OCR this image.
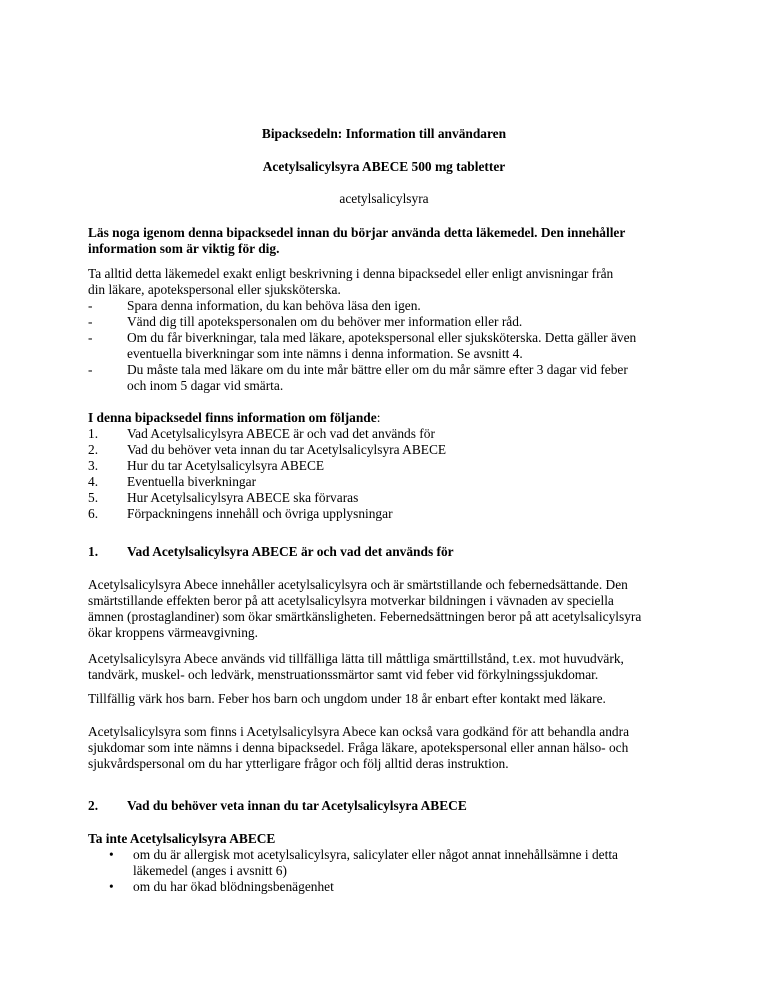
Bipacksedeln: Information till användaren

Acetylsalicylsyra ABECE 500 mg tabletter

acetylsalicylsyra

Läs noga igenom denna bipacksedel innan du börjar använda detta läkemedel. Den innehåller
information som är viktig för dig.
Ta alltid detta läkemedel exakt enligt beskrivning i denna bipacksedel eller enligt anvisningar från
din läkare, apotekspersonal eller sjuksköterska.
-	Spara denna information, du kan behöva läsa den igen.
-	Vänd dig till apotekspersonalen om du behöver mer information eller råd.
-	Om du får biverkningar, tala med läkare, apotekspersonal eller sjuksköterska. Detta gäller även
eventuella biverkningar som inte nämns i denna information. Se avsnitt 4.
-	Du måste tala med läkare om du inte mår bättre eller om du mår sämre efter 3 dagar vid feber
och inom 5 dagar vid smärta.
I denna bipacksedel finns information om följande:
1. Vad Acetylsalicylsyra ABECE är och vad det används för
2. Vad du behöver veta innan du tar Acetylsalicylsyra ABECE
3. Hur du tar Acetylsalicylsyra ABECE
4. Eventuella biverkningar
5. Hur Acetylsalicylsyra ABECE ska förvaras
6. Förpackningens innehåll och övriga upplysningar
1. Vad Acetylsalicylsyra ABECE är och vad det används för
Acetylsalicylsyra Abece innehåller acetylsalicylsyra och är smärtstillande och febernedsättande. Den
smärtstillande effekten beror på att acetylsalicylsyra motverkar bildningen i vävnaden av speciella
ämnen (prostaglandiner) som ökar smärtkänsligheten. Febernedsättningen beror på att acetylsalicylsyra
ökar kroppens värmeavgivning.
Acetylsalicylsyra Abece används vid tillfälliga lätta till måttliga smärttillstånd, t.ex. mot huvudvärk,
tandvärk, muskel- och ledvärk, menstruationssmärtor samt vid feber vid förkylningssjukdomar.
Tillfällig värk hos barn. Feber hos barn och ungdom under 18 år enbart efter kontakt med läkare.
Acetylsalicylsyra som finns i Acetylsalicylsyra Abece kan också vara godkänd för att behandla andra
sjukdomar som inte nämns i denna bipacksedel. Fråga läkare, apotekspersonal eller annan hälso- och
sjukvårdspersonal om du har ytterligare frågor och följ alltid deras instruktion.
2. Vad du behöver veta innan du tar Acetylsalicylsyra ABECE
Ta inte Acetylsalicylsyra ABECE
• om du är allergisk mot acetylsalicylsyra, salicylater eller något annat innehållsämne i detta
läkemedel (anges i avsnitt 6)
• om du har ökad blödningsbenägenhet
